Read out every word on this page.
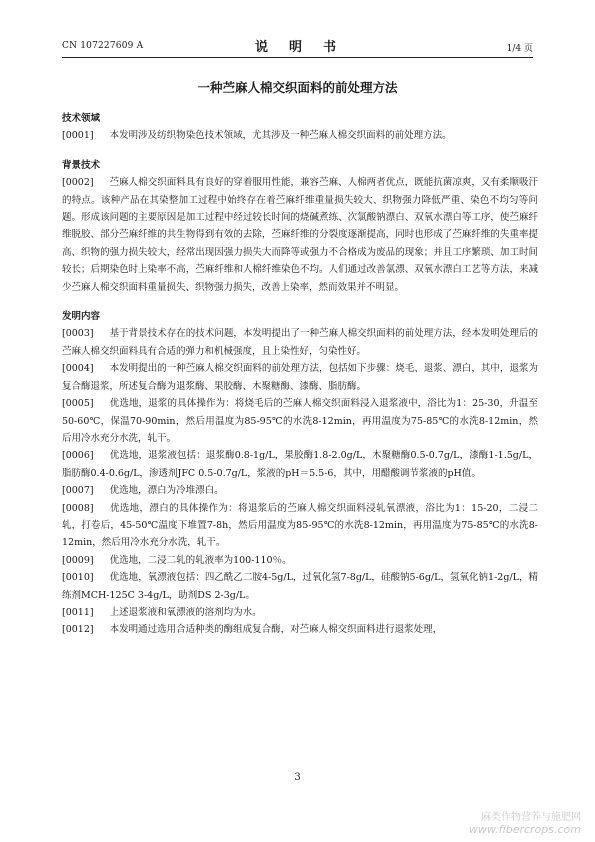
CN 107227609 A	说　明　书	1/4 页
一种苎麻人棉交织面料的前处理方法
技术领域

[0001] 本发明涉及纺织物染色技术领域，尤其涉及一种苎麻人棉交织面料的前处理方法。

背景技术

[0002] 苎麻人棉交织面料具有良好的穿着服用性能，兼容苎麻、人棉两者优点，既能抗菌凉爽，又有柔顺吸汗的特点。该种产品在其染整加工过程中始终存在着苎麻纤维重量损失较大、织物强力降低严重、染色不均匀等问题。形成该问题的主要原因是加工过程中经过较长时间的烧碱煮练、次氯酸钠漂白、双氧水漂白等工序，使苎麻纤维脱胶、部分苎麻纤维的共生物得到有效的去除，苎麻纤维的分裂度逐渐提高，同时也形成了苎麻纤维的失重率提高、织物的强力损失较大，经常出现因强力损失大而降等或强力不合格成为废品的现象；并且工序繁琐、加工时间较长；后期染色时上染率不高，苎麻纤维和人棉纤维染色不均。人们通过改善氯漂、双氧水漂白工艺等方法，来减少苎麻人棉交织面料重量损失、织物强力损失，改善上染率，然而效果并不明显。

发明内容

[0003] 基于背景技术存在的技术问题，本发明提出了一种苎麻人棉交织面料的前处理方法，经本发明处理后的苎麻人棉交织面料具有合适的弹力和机械强度，且上染性好，匀染性好。

[0004] 本发明提出的一种苎麻人棉交织面料的前处理方法，包括如下步骤：烧毛、退浆、漂白，其中，退浆为复合酶退浆，所述复合酶为退浆酶、果胶酶、木聚糖酶、漆酶、脂肪酶。

[0005] 优选地，退浆的具体操作为：将烧毛后的苎麻人棉交织面料浸入退浆液中，浴比为1：25-30，升温至50-60℃，保温70-90min，然后用温度为85-95℃的水洗8-12min，再用温度为75-85℃的水洗8-12min，然后用冷水充分水洗，轧干。

[0006] 优选地，退浆液包括：退浆酶0.8-1g/L，果胶酶1.8-2.0g/L，木聚糖酶0.5-0.7g/L，漆酶1-1.5g/L，脂肪酶0.4-0.6g/L，渗透剂JFC 0.5-0.7g/L，浆液的pH＝5.5-6，其中，用醋酸调节浆液的pH值。

[0007] 优选地，漂白为冷堆漂白。

[0008] 优选地，漂白的具体操作为：将退浆后的苎麻人棉交织面料浸轧氧漂液，浴比为1：15-20，二浸二轧，打卷后，45-50℃温度下堆置7-8h，然后用温度为85-95℃的水洗8-12min，再用温度为75-85℃的水洗8-12min，然后用冷水充分水洗，轧干。

[0009] 优选地，二浸二轧的轧液率为100-110％。

[0010] 优选地，氧漂液包括：四乙酰乙二胺4-5g/L，过氧化氢7-8g/L，硅酸钠5-6g/L，氢氧化钠1-2g/L，精练剂MCH-125C 3-4g/L，助剂DS 2-3g/L。

[0011] 上述退浆液和氧漂液的溶剂均为水。

[0012] 本发明通过选用合适种类的酶组成复合酶，对苎麻人棉交织面料进行退浆处理，

3
麻类作物营养与施肥网
www.fibercrops.com
